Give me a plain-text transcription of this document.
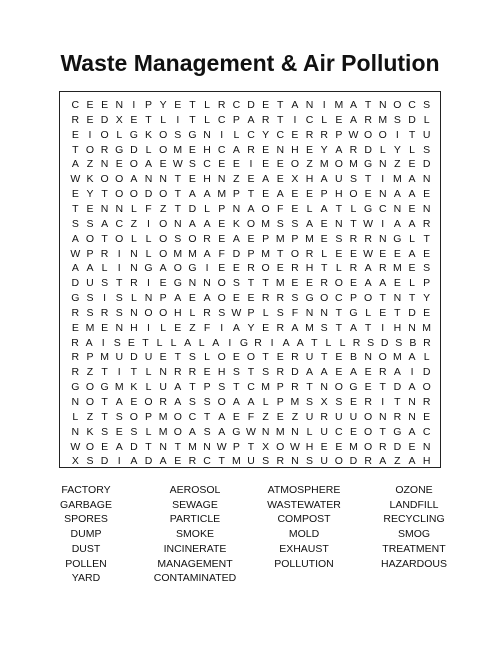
Waste Management & Air Pollution
C E E N I P Y E T L R C D E T A N I M A T N O C S
R E D X E T L I T L C P A R T I C L E A R M S D L
E I O L G K O S G N I L C Y C E R R P W O O I T U
T O R G D L O M E H C A R E N H E Y A R D L Y L S
A Z N E O A E W S C E E I E E O Z M O M G N Z E D
W K O O A N N T E H N Z E A E X H A U S T I M A N
E Y T O O D O T A A M P T E A E E P H O E N A A E
T E N N L F Z T D L P N A O F E L A T L G C N E N
S S A C Z I O N A A E K O M S S A E N T W I A A R
A O T O L L O S O R E A E P M P M E S R R N G L T
W P R I N L O M M A F D P M T O R L E E W E E A E
A A L I N G A O G I E E R O E R H T L R A R M E S
D U S T R I E G N N O S T T M E E R O E A A E L P
G S I S L N P A E A O E E R R S G O C P O T N T Y
R S R S N O O H L R S W P L S F N N T G L E T D E
E M E N H I L E Z F I A Y E R A M S T A T I H N M
R A I S E T L L A L A I G R I A A T L L R S D S B R
R P M U D U E T S L O E O T E R U T E B N O M A L
R Z T I T L N R R E H S T S R D A A E A E R A I D
G O G M K L U A T P S T C M P R T N O G E T D A O
N O T A E O R A S S O A A L P M S X S E R I T N R
L Z T S O P M O C T A E F Z E Z U R U U O N R N E
N K S E S L M O A S A G W N M N L U C E O T G A C
W O E A D T N T M N W P T X O W H E E M O R D E N
X S D I A D A E R C T M U S R N S U O D R A Z A H
FACTORY
GARBAGE
SPORES
DUMP
DUST
POLLEN
YARD
AEROSOL
SEWAGE
PARTICLE
SMOKE
INCINERATE
MANAGEMENT
CONTAMINATED
ATMOSPHERE
WASTEWATER
COMPOST
MOLD
EXHAUST
POLLUTION
OZONE
LANDFILL
RECYCLING
SMOG
TREATMENT
HAZARDOUS
